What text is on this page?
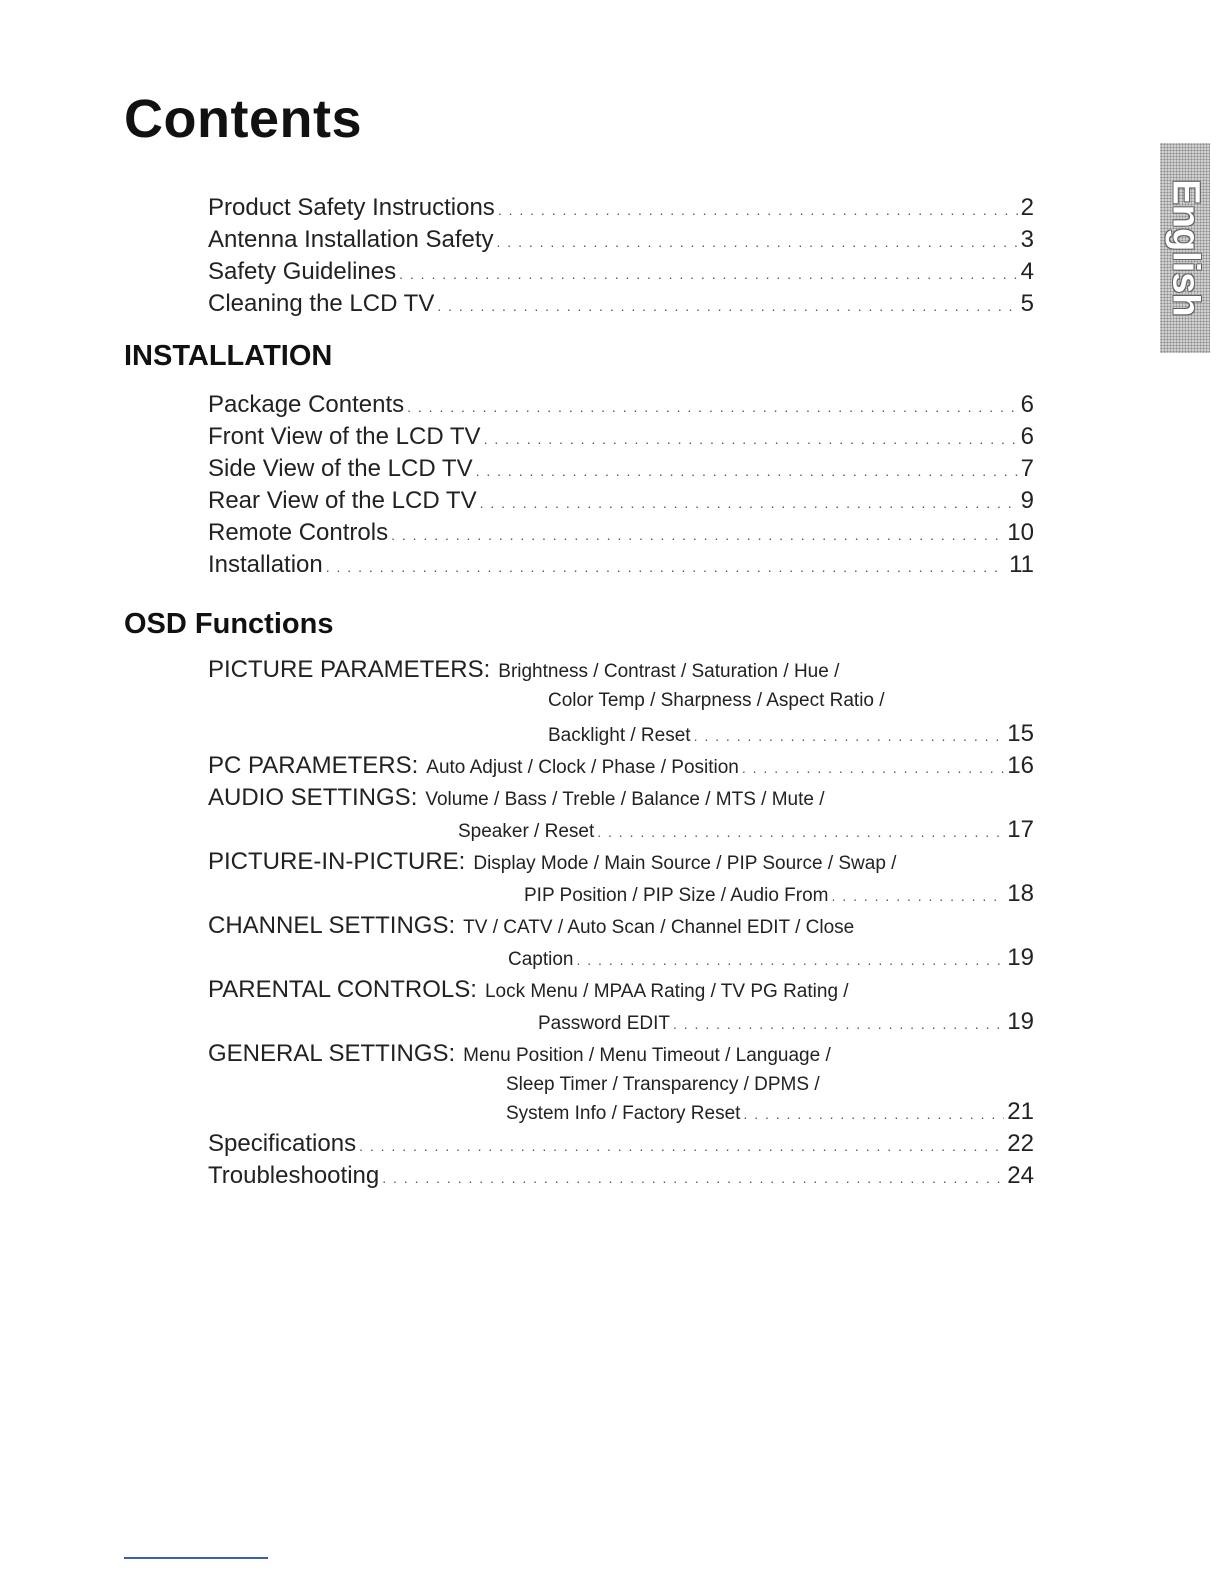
Contents
English
Product Safety Instructions . . .	2
Antenna Installation Safety . . .	3
Safety Guidelines . . .	4
Cleaning the LCD TV . . .	5
INSTALLATION
Package Contents . . .	6
Front View of the LCD TV . . .	6
Side View of the LCD TV . . .	7
Rear View of the LCD TV . . .	9
Remote Controls . . .	10
Installation . . .	11
OSD Functions
PICTURE PARAMETERS: Brightness / Contrast / Saturation / Hue /
Color Temp / Sharpness / Aspect Ratio /
Backlight / Reset . . .	15
PC PARAMETERS: Auto Adjust / Clock / Phase / Position . . .	16
AUDIO SETTINGS: Volume / Bass / Treble / Balance / MTS / Mute /
Speaker / Reset . . .	17
PICTURE-IN-PICTURE: Display Mode / Main Source / PIP Source / Swap /
PIP Position / PIP Size / Audio From . . .	18
CHANNEL SETTINGS: TV / CATV / Auto Scan / Channel EDIT / Close
Caption . . .	19
PARENTAL CONTROLS: Lock Menu / MPAA Rating / TV PG Rating /
Password EDIT . . .	19
GENERAL SETTINGS: Menu Position / Menu Timeout / Language /
Sleep Timer / Transparency / DPMS /
System Info / Factory Reset . . .	21
Specifications . . .	22
Troubleshooting . . .	24
